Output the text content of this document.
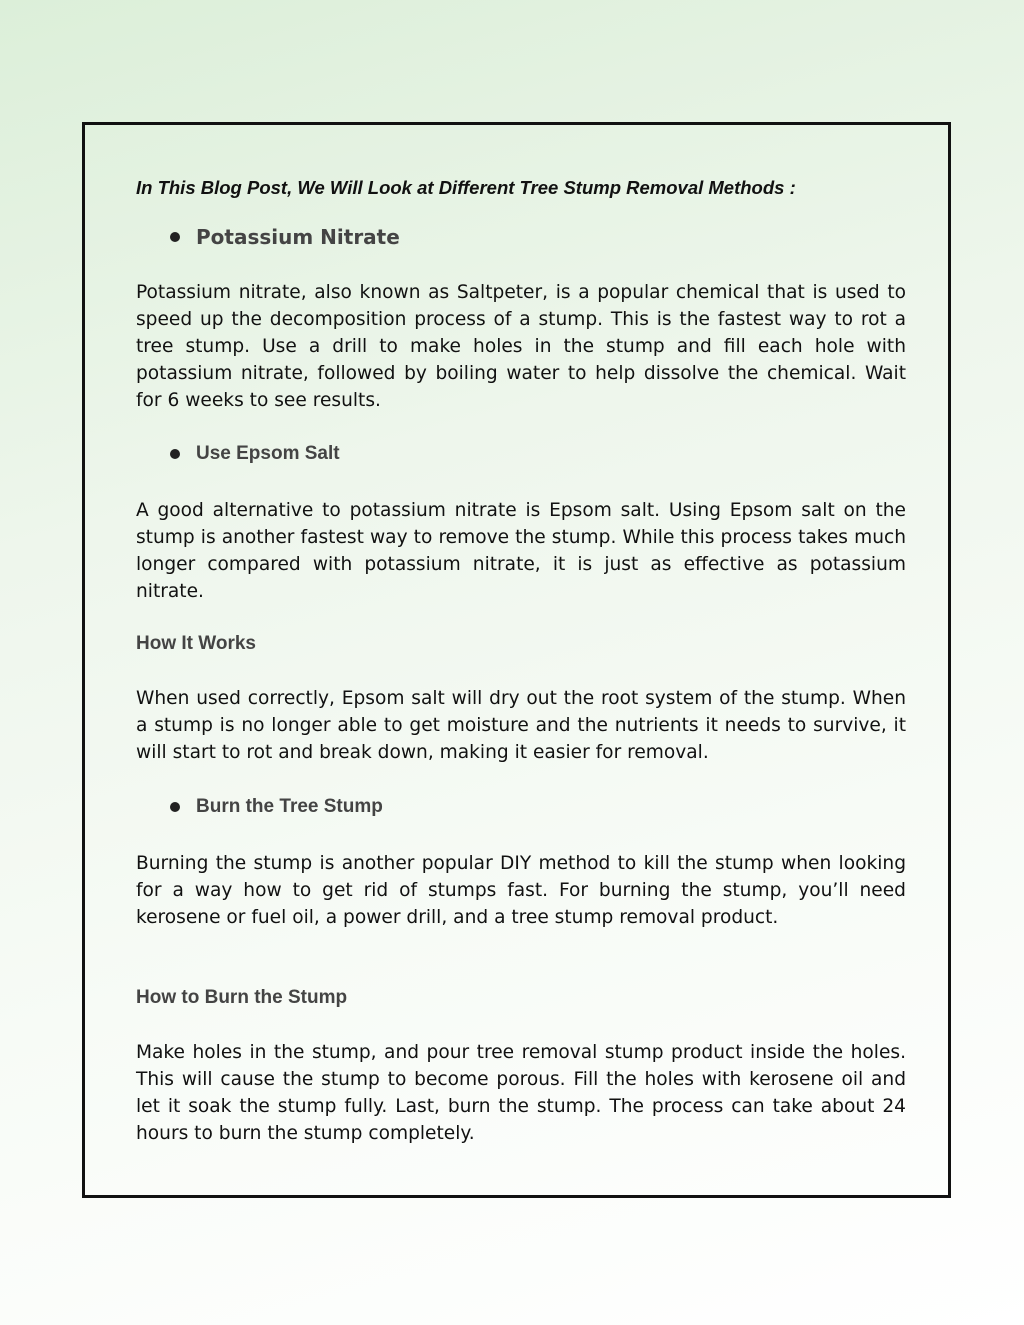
In This Blog Post, We Will Look at Different Tree Stump Removal Methods :

Potassium Nitrate

Potassium nitrate, also known as Saltpeter, is a popular chemical that is used to speed up the decomposition process of a stump. This is the fastest way to rot a tree stump. Use a drill to make holes in the stump and fill each hole with potassium nitrate, followed by boiling water to help dissolve the chemical. Wait for 6 weeks to see results.

Use Epsom Salt

A good alternative to potassium nitrate is Epsom salt. Using Epsom salt on the stump is another fastest way to remove the stump. While this process takes much longer compared with potassium nitrate, it is just as effective as potassium nitrate.

How It Works

When used correctly, Epsom salt will dry out the root system of the stump. When a stump is no longer able to get moisture and the nutrients it needs to survive, it will start to rot and break down, making it easier for removal.

Burn the Tree Stump

Burning the stump is another popular DIY method to kill the stump when looking for a way how to get rid of stumps fast. For burning the stump, you’ll need kerosene or fuel oil, a power drill, and a tree stump removal product.

How to Burn the Stump

Make holes in the stump, and pour tree removal stump product inside the holes. This will cause the stump to become porous. Fill the holes with kerosene oil and let it soak the stump fully. Last, burn the stump. The process can take about 24 hours to burn the stump completely.
